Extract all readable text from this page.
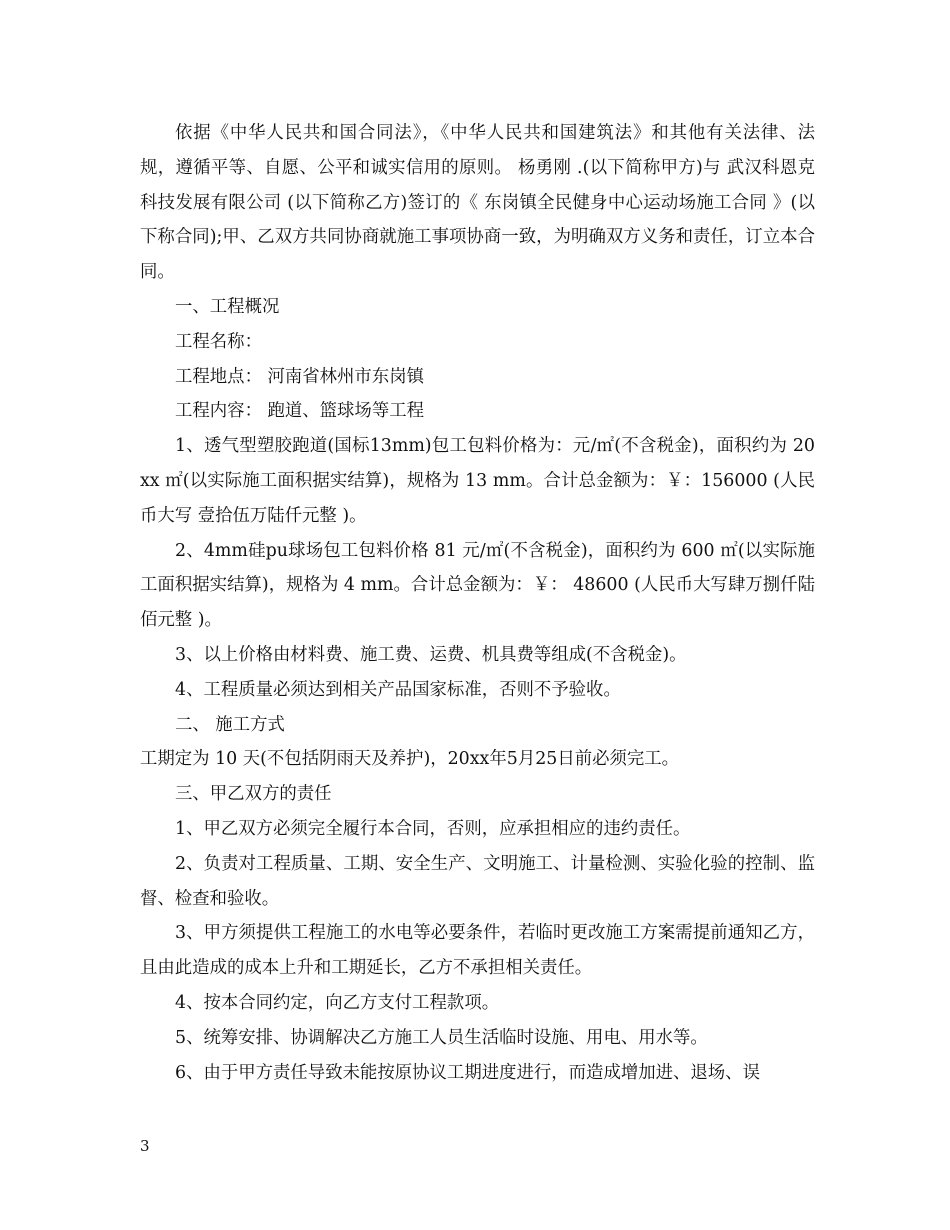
依据《中华人民共和国合同法》，《中华人民共和国建筑法》和其他有关法律、法规，遵循平等、自愿、公平和诚实信用的原则。 杨勇刚 .(以下简称甲方)与 武汉科恩克科技发展有限公司 (以下简称乙方)签订的《 东岗镇全民健身中心运动场施工合同 》(以下称合同);甲、乙双方共同协商就施工事项协商一致，为明确双方义务和责任，订立本合同。

一、工程概况

工程名称：

工程地点： 河南省林州市东岗镇

工程内容： 跑道、篮球场等工程

1、透气型塑胶跑道(国标13mm)包工包料价格为：元/㎡(不含税金)，面积约为 20xx ㎡(以实际施工面积据实结算)，规格为 13 mm。合计总金额为：￥：156000 (人民币大写 壹拾伍万陆仟元整 )。

2、4mm硅pu球场包工包料价格 81 元/㎡(不含税金)，面积约为 600 ㎡(以实际施工面积据实结算)，规格为 4 mm。合计总金额为：￥： 48600 (人民币大写肆万捌仟陆佰元整 )。

3、以上价格由材料费、施工费、运费、机具费等组成(不含税金)。

4、工程质量必须达到相关产品国家标准，否则不予验收。

二、 施工方式

工期定为 10 天(不包括阴雨天及养护)，20xx年5月25日前必须完工。

三、甲乙双方的责任

1、甲乙双方必须完全履行本合同，否则，应承担相应的违约责任。

2、负责对工程质量、工期、安全生产、文明施工、计量检测、实验化验的控制、监督、检查和验收。

3、甲方须提供工程施工的水电等必要条件，若临时更改施工方案需提前通知乙方，且由此造成的成本上升和工期延长，乙方不承担相关责任。

4、按本合同约定，向乙方支付工程款项。

5、统筹安排、协调解决乙方施工人员生活临时设施、用电、用水等。

6、由于甲方责任导致未能按原协议工期进度进行，而造成增加进、退场、误

3
